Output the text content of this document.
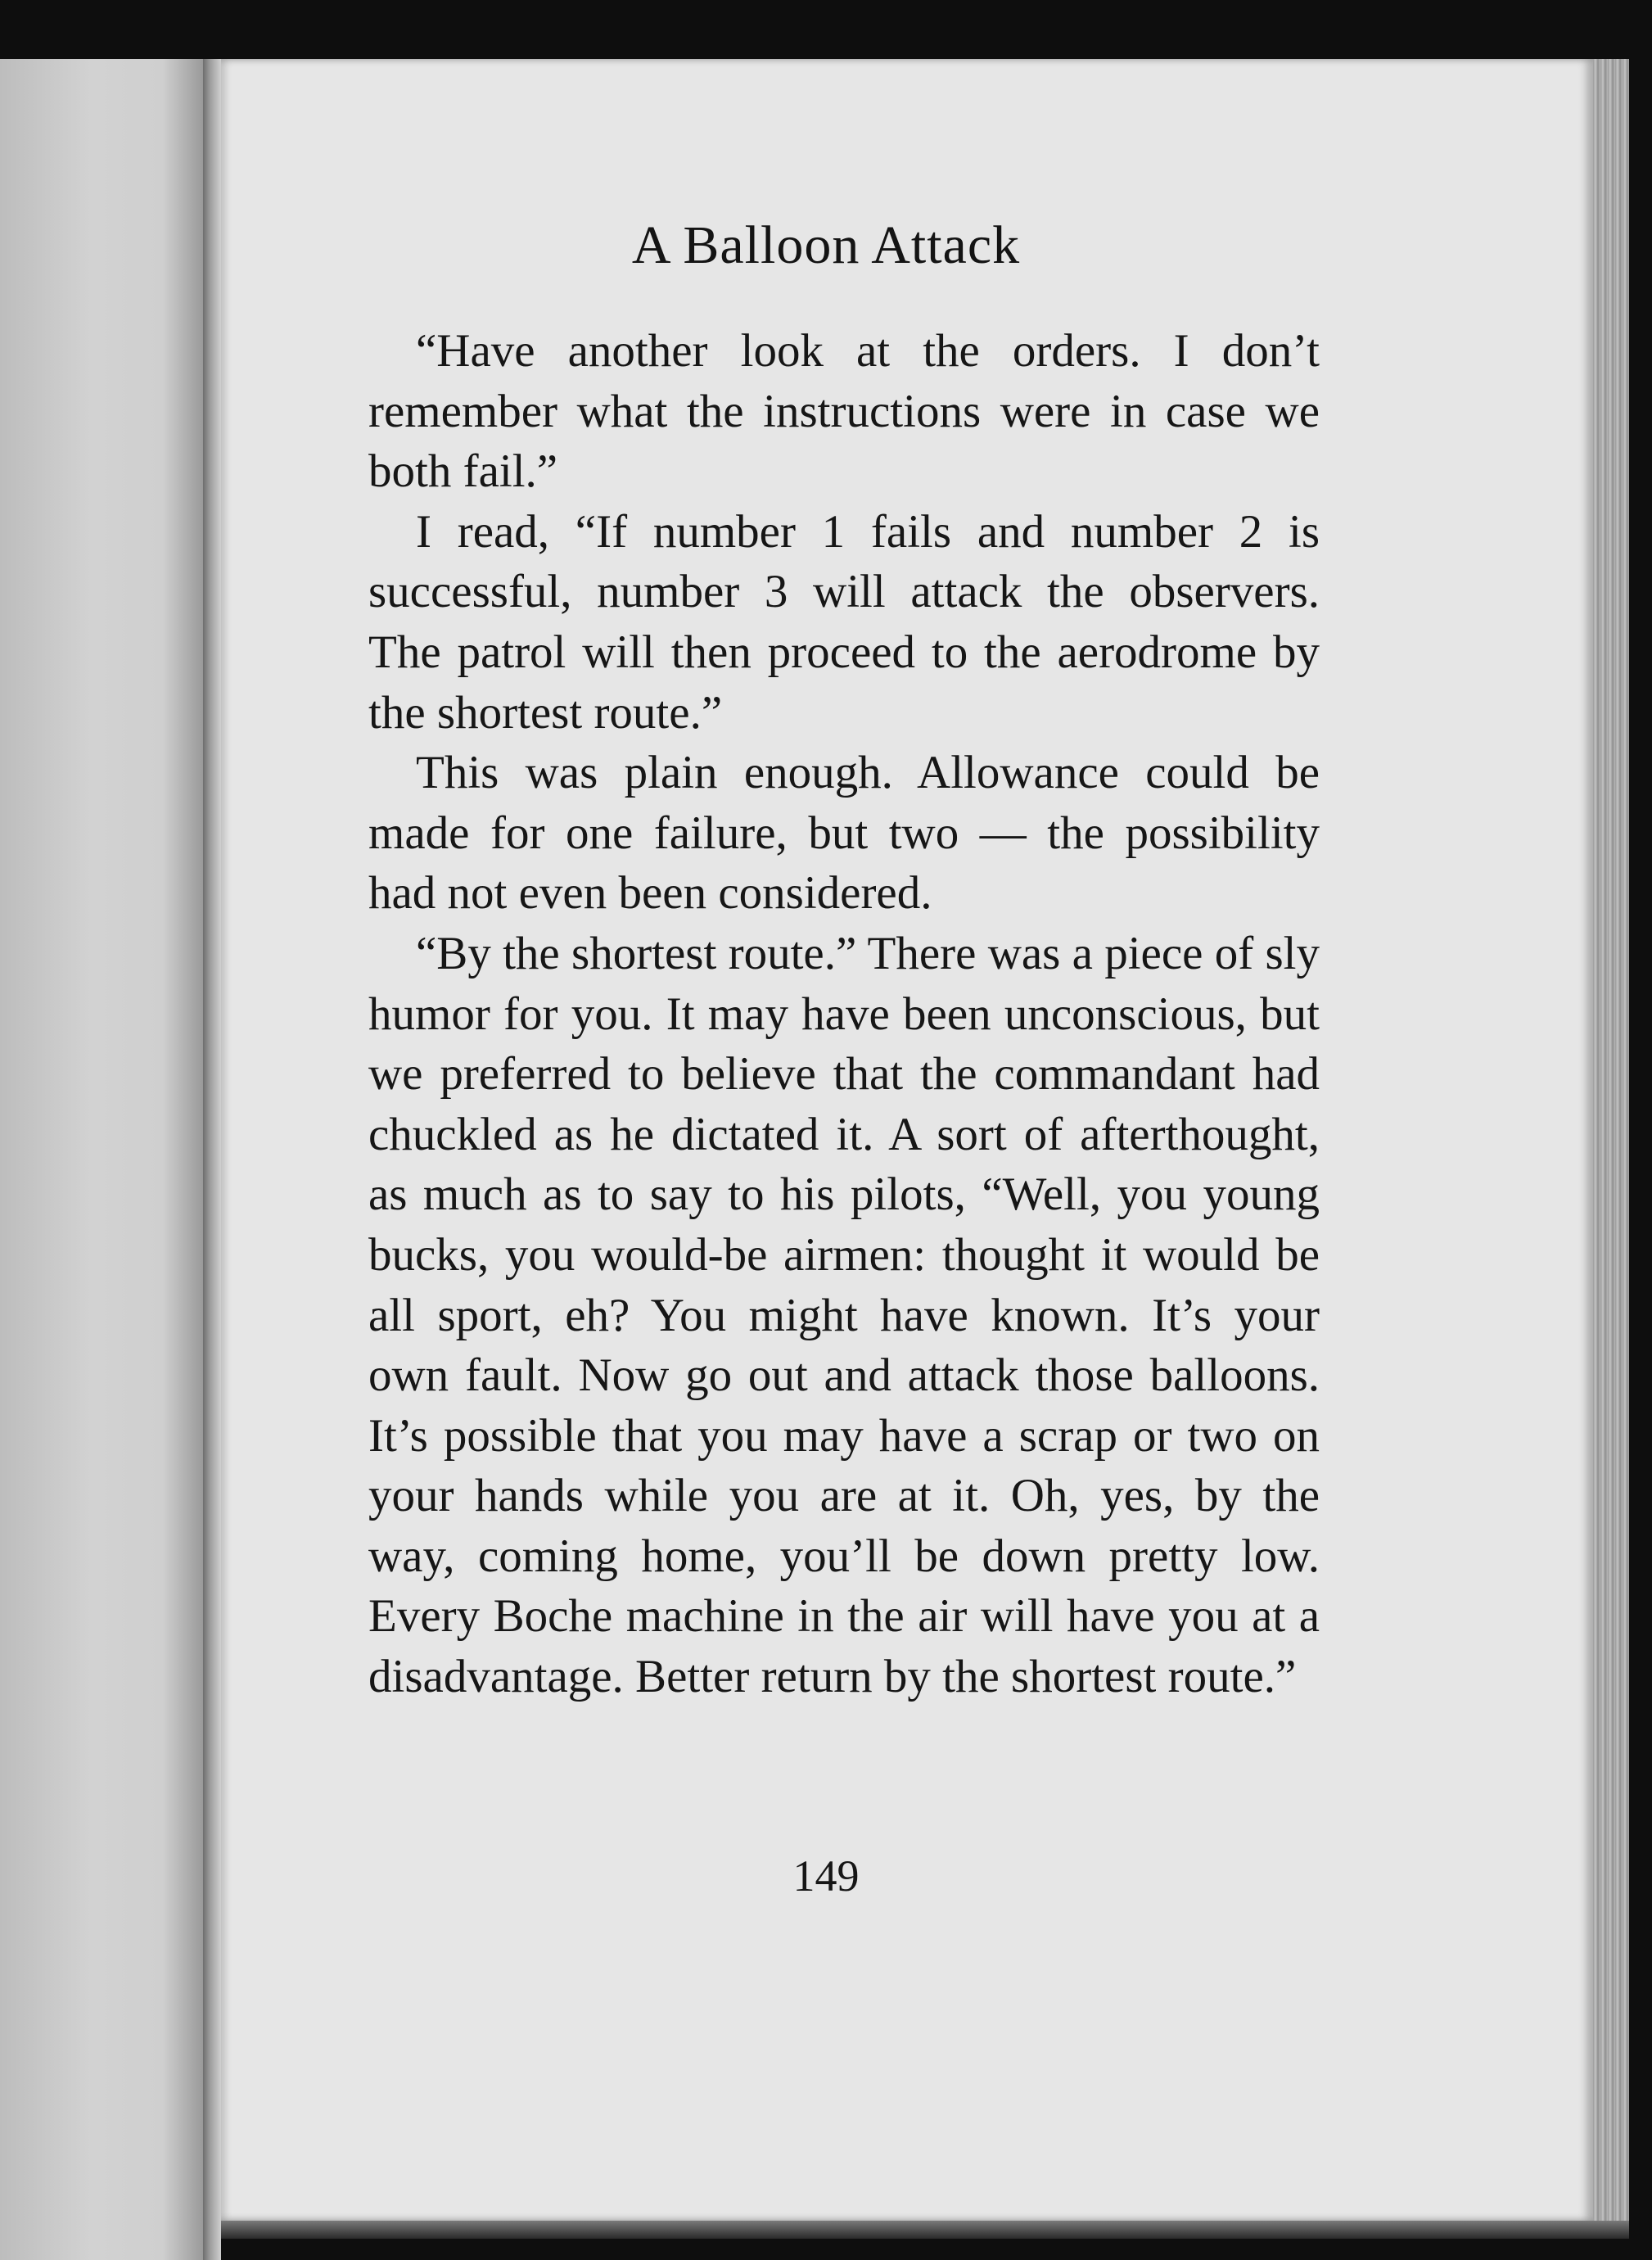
A Balloon Attack

“Have another look at the orders. I don’t remember what the instructions were in case we both fail.”

I read, “If number 1 fails and number 2 is successful, number 3 will attack the observers. The patrol will then proceed to the aerodrome by the shortest route.”

This was plain enough. Allowance could be made for one failure, but two — the possibility had not even been considered.

“By the shortest route.” There was a piece of sly humor for you. It may have been unconscious, but we preferred to believe that the commandant had chuckled as he dictated it. A sort of afterthought, as much as to say to his pilots, “Well, you young bucks, you would-be airmen: thought it would be all sport, eh? You might have known. It’s your own fault. Now go out and attack those balloons. It’s possible that you may have a scrap or two on your hands while you are at it. Oh, yes, by the way, coming home, you’ll be down pretty low. Every Boche machine in the air will have you at a disadvantage. Better return by the shortest route.”

149
